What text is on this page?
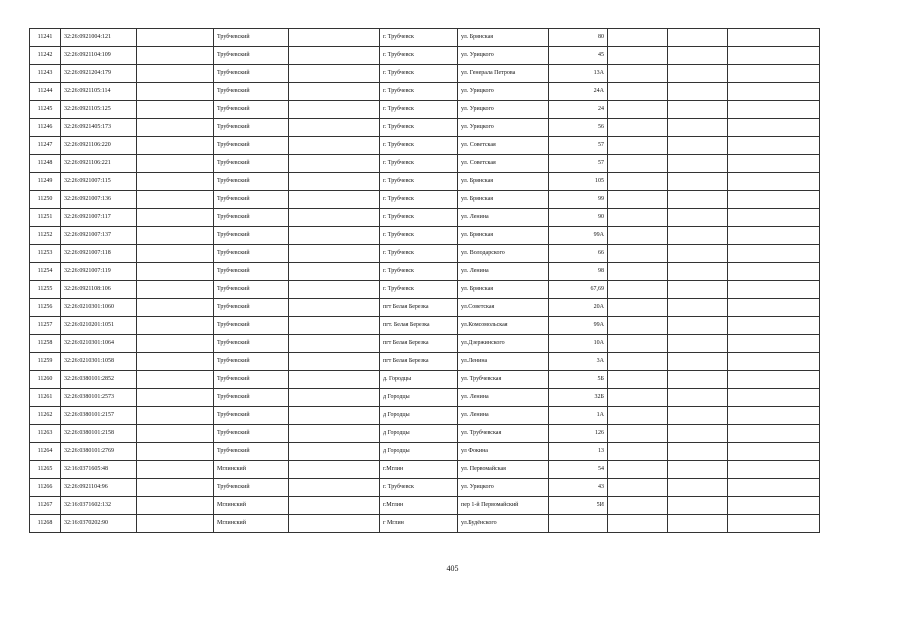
11241	32:26:0921004:121		Трубчевский		г. Трубчевск	ул. Брянская	80			
11242	32:26:0921104:109		Трубчевский		г. Трубчевск	ул. Урицкого	45			
11243	32:26:0921204:179		Трубчевский		г. Трубчевск	ул. Генерала Петрова	13А			
11244	32:26:0921105:114		Трубчевский		г. Трубчевск	ул. Урицкого	24А			
11245	32:26:0921105:125		Трубчевский		г. Трубчевск	ул. Урицкого	24			
11246	32:26:0921405:173		Трубчевский		г. Трубчевск	ул. Урицкого	56			
11247	32:26:0921106:220		Трубчевский		г. Трубчевск	ул. Советская	57			
11248	32:26:0921106:221		Трубчевский		г. Трубчевск	ул. Советская	57			
11249	32:26:0921007:115		Трубчевский		г. Трубчевск	ул. Брянская	105			
11250	32:26:0921007:136		Трубчевский		г. Трубчевск	ул. Брянская	99			
11251	32:26:0921007:117		Трубчевский		г. Трубчевск	ул. Ленина	90			
11252	32:26:0921007:137		Трубчевский		г. Трубчевск	ул. Брянская	99А			
11253	32:26:0921007:118		Трубчевский		г. Трубчевск	ул. Володарского	66			
11254	32:26:0921007:119		Трубчевский		г. Трубчевск	ул. Ленина	98			
11255	32:26:0921108:106		Трубчевский		г. Трубчевск	ул. Брянская	67,69			
11256	32:26:0210301:1060		Трубчевский		пгт Белая Березка	ул.Советская	20А			
11257	32:26:0210201:1051		Трубчевский		пгт. Белая Березка	ул.Комсомольская	99А			
11258	32:26:0210301:1064		Трубчевский		пгт Белая Березка	ул.Дзержинского	10А			
11259	32:26:0210301:1058		Трубчевский		пгт Белая Березка	ул.Ленина	3А			
11260	32:26:0380101:2852		Трубчевский		д. Городцы	ул. Трубчевская	5Б			
11261	32:26:0380101:2573		Трубчевский		д Городцы	ул. Ленина	32Б			
11262	32:26:0380101:2157		Трубчевский		д Городцы	ул. Ленина	1А			
11263	32:26:0380101:2158		Трубчевский		д Городцы	ул. Трубчевская	126			
11264	32:26:0380101:2769		Трубчевский		д Городцы	ул Фокина	13			
11265	32:16:0371605:48		Мглинский		г.Мглин	ул. Первомайская	54			
11266	32:26:0921104:96		Трубчевский		г. Трубчевск	ул. Урицкого	43			
11267	32:16:0371602:132		Мглинский		г.Мглин	пер 1-й Первомайский	5И			
11268	32:16:0370202:90		Мглинский		г Мглин	ул.Будёнского				
405
